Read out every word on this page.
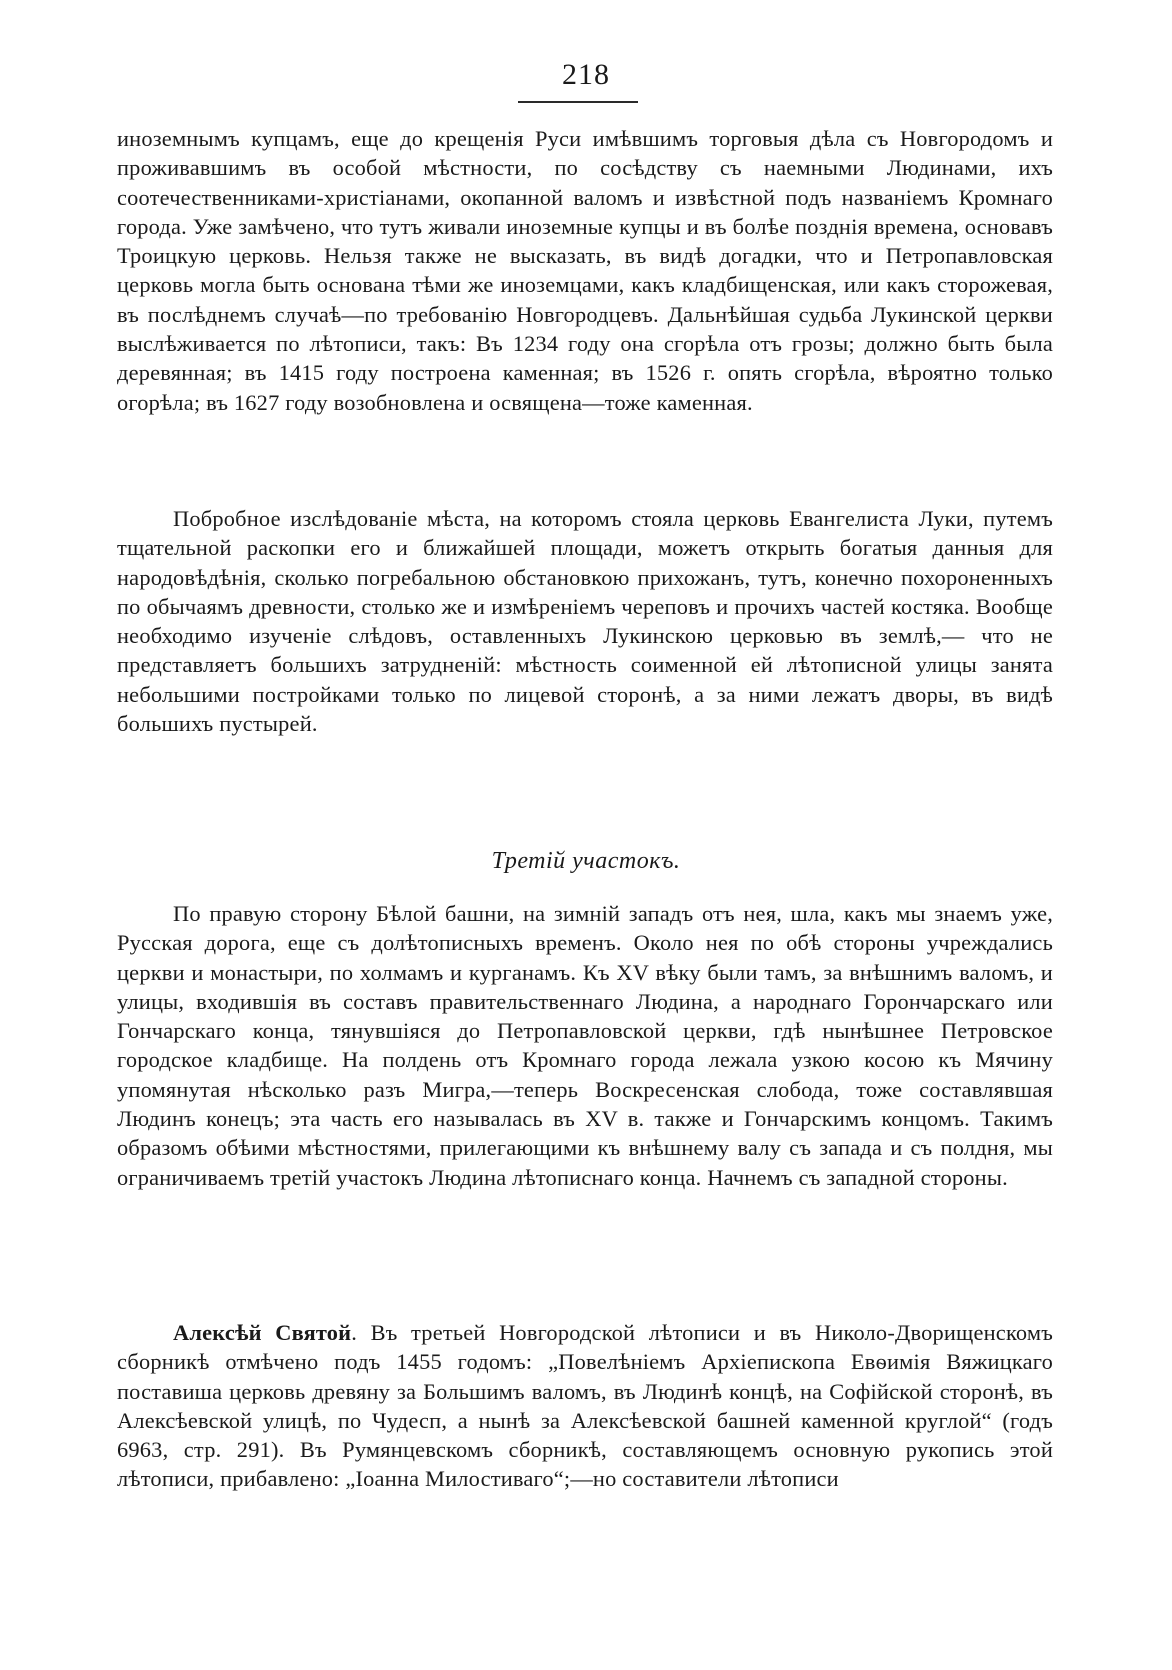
218

иноземнымъ купцамъ, еще до крещенія Руси имѣвшимъ торговыя дѣла съ Новгородомъ и проживавшимъ въ особой мѣстности, по сосѣдству съ наемными Людинами, ихъ соотечественниками-христіанами, окопанной валомъ и извѣстной подъ названіемъ Кромнаго города. Уже замѣчено, что тутъ живали иноземные купцы и въ болѣе позднія времена, основавъ Троицкую церковь. Нельзя также не высказать, въ видѣ догадки, что и Петропавловская церковь могла быть основана тѣми же иноземцами, какъ кладбищенская, или какъ сторожевая, въ послѣднемъ случаѣ—по требованію Новгородцевъ. Дальнѣйшая судьба Лукинской церкви выслѣживается по лѣтописи, такъ: Въ 1234 году она сгорѣла отъ грозы; должно быть была деревянная; въ 1415 году построена каменная; въ 1526 г. опять сгорѣла, вѣроятно только огорѣла; въ 1627 году возобновлена и освящена—тоже каменная.

Пoбробное изслѣдованіе мѣста, на которомъ стояла церковь Евангелиста Луки, путемъ тщательной раскопки его и ближайшей площади, можетъ открыть богатыя данныя для народовѣдѣнія, сколько погребальною обстановкою прихожанъ, тутъ, конечно похороненныхъ по обычаямъ древности, столько же и измѣреніемъ череповъ и прочихъ частей костяка. Вообще необходимо изученіе слѣдовъ, оставленныхъ Лукинскою церковью въ землѣ,— что не представляетъ большихъ затрудненій: мѣстность соименной ей лѣтописной улицы занята небольшими постройками только по лицевой сторонѣ, а за ними лежатъ дворы, въ видѣ большихъ пустырей.

Третій участокъ.

По правую сторону Бѣлой башни, на зимній западъ отъ нея, шла, какъ мы знаемъ уже, Русская дорога, еще съ долѣтописныхъ временъ. Около нея по обѣ стороны учреждались церкви и монастыри, по холмамъ и курганамъ. Къ XV вѣку были тамъ, за внѣшнимъ валомъ, и улицы, входившія въ составъ правительственнаго Людина, а народнаго Горончарскаго или Гончарскаго конца, тянувшіяся до Петропавловской церкви, гдѣ нынѣшнее Петровское городское кладбище. На полдень отъ Кромнаго города лежала узкою косою къ Мячину упомянутая нѣсколько разъ Мигра,—теперь Воскресенская слобода, тоже составлявшая Людинъ конецъ; эта часть его называлась въ XV в. также и Гончарскимъ концомъ. Такимъ образомъ обѣими мѣстностями, прилегающими къ внѣшнему валу съ запада и съ полдня, мы ограничиваемъ третій участокъ Людина лѣтописнаго конца. Начнемъ съ западной стороны.

Алексѣй Святой. Въ третьей Новгородской лѣтописи и въ Николо-Дворищенскомъ сборникѣ отмѣчено подъ 1455 годомъ: „Повелѣніемъ Архіепископа Евѳимія Вяжицкаго поставиша церковь древяну за Большимъ валомъ, въ Людинѣ концѣ, на Софійской сторонѣ, въ Алексѣевской улицѣ, по Чудесп, а нынѣ за Алексѣевской башней каменной круглой“ (годъ 6963, стр. 291). Въ Румянцевскомъ сборникѣ, составляющемъ основную рукопись этой лѣтописи, прибавлено: „Іоанна Милостиваго“;—но составители лѣтописи
